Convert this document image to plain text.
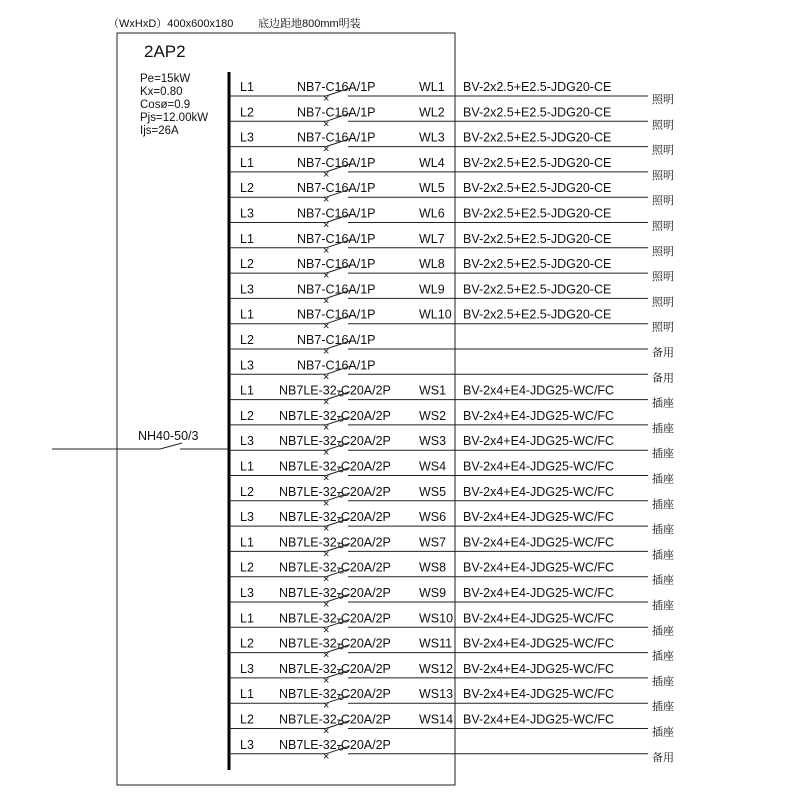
（WxHxD）400x600x180 底边距地800mm明装
2AP2
Pe=15kW
Kx=0.80
Cosø=0.9
Pjs=12.00kW
Ijs=26A
NH40-50/3
L1	NB7-C16A/1P	WL1 BV-2x2.5+E2.5-JDG20-CE
照明
×
L2	NB7-C16A/1P	WL2 BV-2x2.5+E2.5-JDG20-CE
照明
×
L3	NB7-C16A/1P	WL3 BV-2x2.5+E2.5-JDG20-CE
照明
×
L1	NB7-C16A/1P	WL4 BV-2x2.5+E2.5-JDG20-CE
照明
×
L2	NB7-C16A/1P	WL5 BV-2x2.5+E2.5-JDG20-CE
照明
×
L3	NB7-C16A/1P	WL6 BV-2x2.5+E2.5-JDG20-CE
照明
×
L1	NB7-C16A/1P	WL7 BV-2x2.5+E2.5-JDG20-CE
照明
×
L2	NB7-C16A/1P	WL8 BV-2x2.5+E2.5-JDG20-CE
照明
×
L3	NB7-C16A/1P	WL9 BV-2x2.5+E2.5-JDG20-CE
照明
×
L1	NB7-C16A/1P	WL10 BV-2x2.5+E2.5-JDG20-CE
照明
×
L2	NB7-C16A/1P
备用
×
L3	NB7-C16A/1P
备用
×
L1 NB7LE-32-C20A/2P WS1 BV-2x4+E4-JDG25-WC/FC
插座
×
L2 NB7LE-32-C20A/2P WS2 BV-2x4+E4-JDG25-WC/FC
插座
×
L3 NB7LE-32-C20A/2P WS3 BV-2x4+E4-JDG25-WC/FC
插座
×
L1 NB7LE-32-C20A/2P WS4 BV-2x4+E4-JDG25-WC/FC
插座
×
L2 NB7LE-32-C20A/2P WS5 BV-2x4+E4-JDG25-WC/FC
插座
×
L3 NB7LE-32-C20A/2P WS6 BV-2x4+E4-JDG25-WC/FC
插座
×
L1 NB7LE-32-C20A/2P WS7 BV-2x4+E4-JDG25-WC/FC
插座
×
L2 NB7LE-32-C20A/2P WS8 BV-2x4+E4-JDG25-WC/FC
插座
×
L3 NB7LE-32-C20A/2P WS9 BV-2x4+E4-JDG25-WC/FC
插座
×
L1 NB7LE-32-C20A/2P WS10 BV-2x4+E4-JDG25-WC/FC
插座
×
L2 NB7LE-32-C20A/2P WS11 BV-2x4+E4-JDG25-WC/FC
插座
×
L3 NB7LE-32-C20A/2P WS12 BV-2x4+E4-JDG25-WC/FC
插座
×
L1 NB7LE-32-C20A/2P WS13 BV-2x4+E4-JDG25-WC/FC
插座
×
L2 NB7LE-32-C20A/2P WS14 BV-2x4+E4-JDG25-WC/FC
插座
×
L3 NB7LE-32-C20A/2P
备用
×
